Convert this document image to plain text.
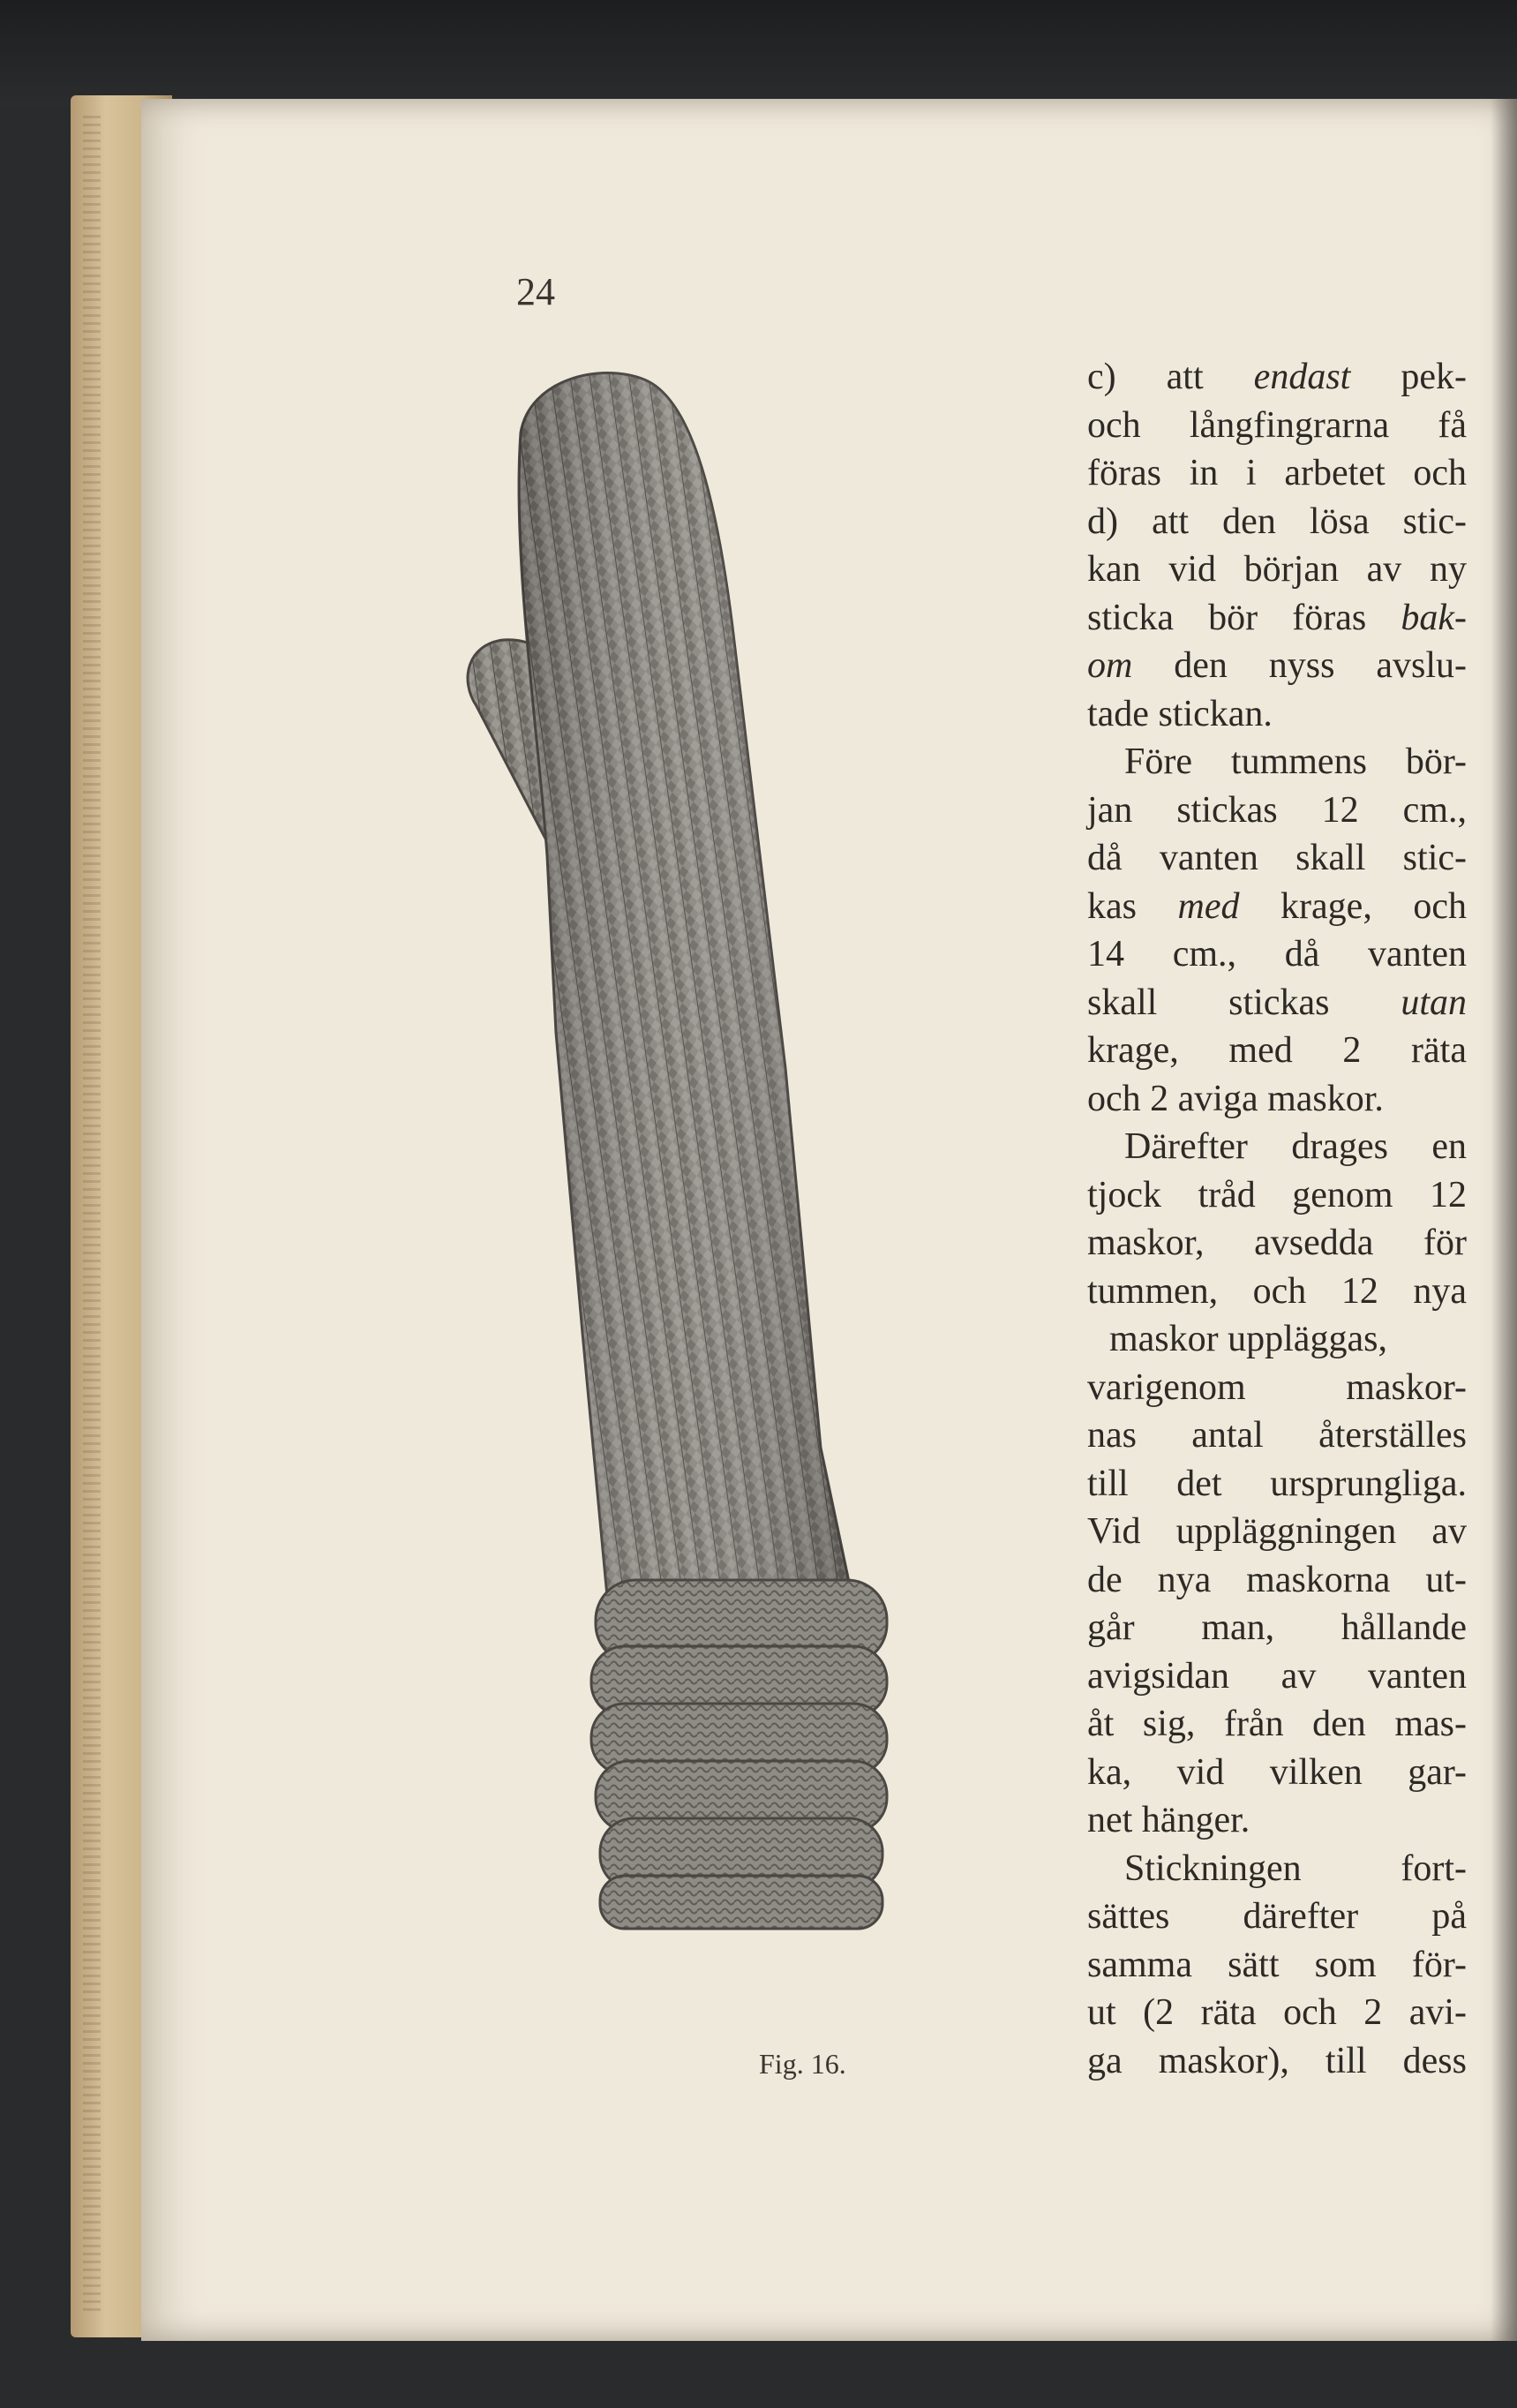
24
Fig. 16.
c) att endast pek-
och långfingrarna få
föras in i arbetet och
d) att den lösa stic-
kan vid början av ny
sticka bör föras bak-
om den nyss avslu-
tade stickan.
Före tummens bör-
jan stickas 12 cm.,
då vanten skall stic-
kas med krage, och
14 cm., då vanten
skall stickas utan
krage, med 2 räta
och 2 aviga maskor.
Därefter drages en
tjock tråd genom 12
maskor, avsedda för
tummen, och 12 nya
maskor uppläggas,
varigenom maskor-
nas antal återställes
till det ursprungliga.
Vid uppläggningen av
de nya maskorna ut-
går man, hållande
avigsidan av vanten
åt sig, från den mas-
ka, vid vilken gar-
net hänger.
Stickningen fort-
sättes därefter på
samma sätt som för-
ut (2 räta och 2 avi-
ga maskor), till dess
